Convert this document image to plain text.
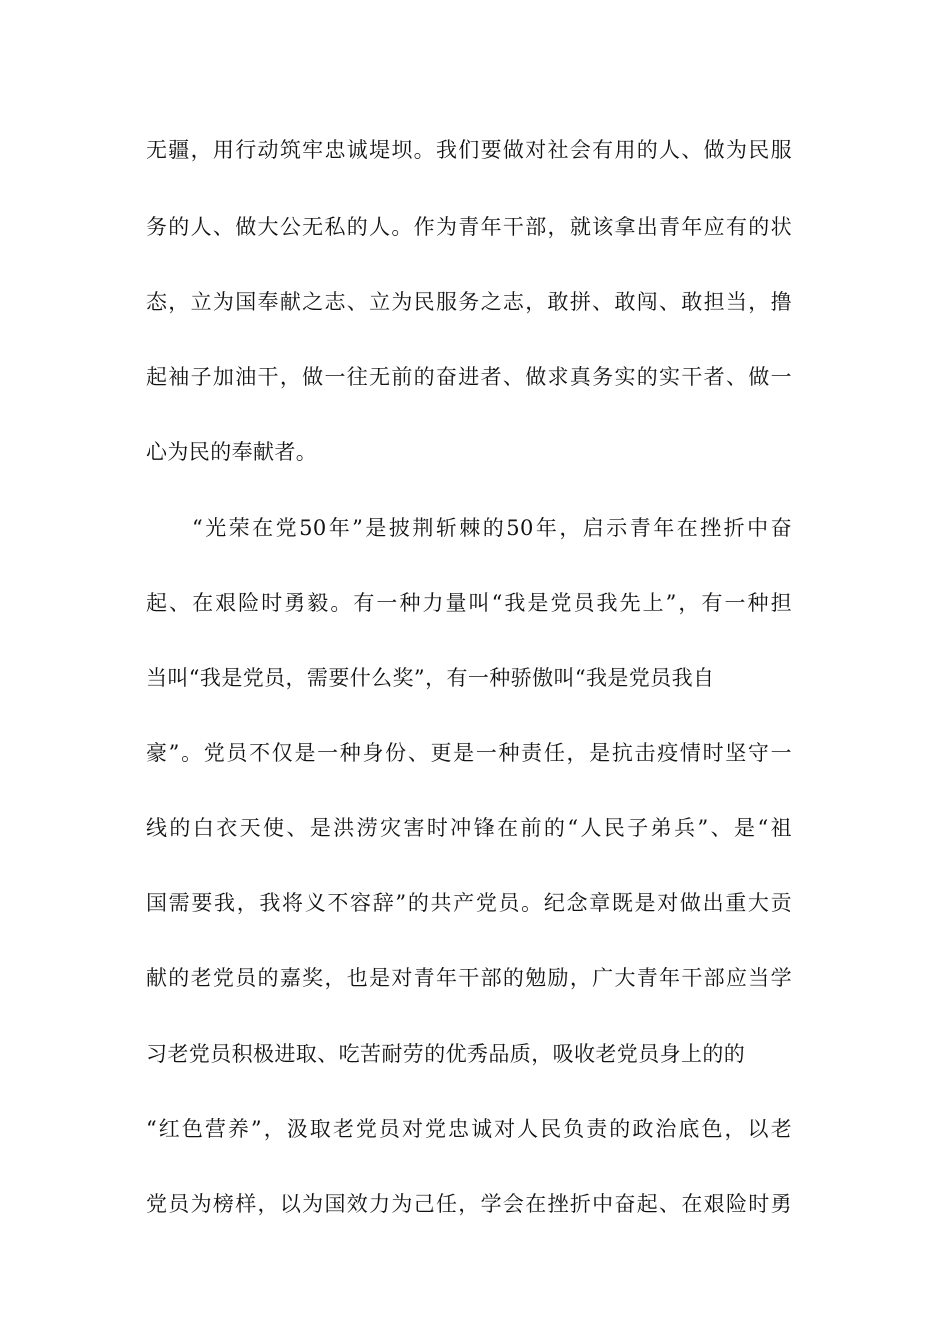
无疆，用行动筑牢忠诚堤坝。我们要做对社会有用的人、做为民服
务的人、做大公无私的人。作为青年干部，就该拿出青年应有的状
态，立为国奉献之志、立为民服务之志，敢拼、敢闯、敢担当，撸
起袖子加油干，做一往无前的奋进者、做求真务实的实干者、做一
心为民的奉献者。
“光荣在党50年”是披荆斩棘的50年，启示青年在挫折中奋
起、在艰险时勇毅。有一种力量叫“我是党员我先上”，有一种担
当叫“我是党员，需要什么奖”，有一种骄傲叫“我是党员我自
豪”。党员不仅是一种身份、更是一种责任，是抗击疫情时坚守一
线的白衣天使、是洪涝灾害时冲锋在前的“人民子弟兵”、是“祖
国需要我，我将义不容辞”的共产党员。纪念章既是对做出重大贡
献的老党员的嘉奖，也是对青年干部的勉励，广大青年干部应当学
习老党员积极进取、吃苦耐劳的优秀品质，吸收老党员身上的的
“红色营养”，汲取老党员对党忠诚对人民负责的政治底色，以老
党员为榜样，以为国效力为己任，学会在挫折中奋起、在艰险时勇
